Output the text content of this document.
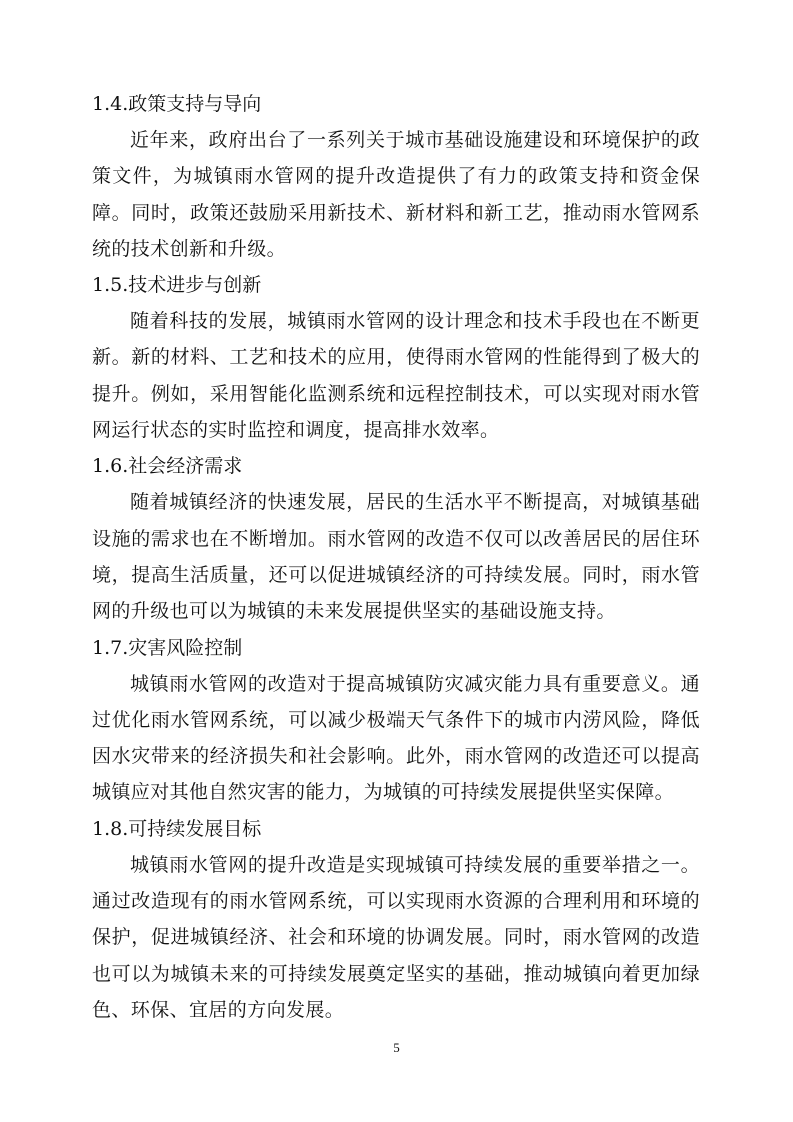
1.4.政策支持与导向

近年来，政府出台了一系列关于城市基础设施建设和环境保护的政策文件，为城镇雨水管网的提升改造提供了有力的政策支持和资金保障。同时，政策还鼓励采用新技术、新材料和新工艺，推动雨水管网系统的技术创新和升级。

1.5.技术进步与创新

随着科技的发展，城镇雨水管网的设计理念和技术手段也在不断更新。新的材料、工艺和技术的应用，使得雨水管网的性能得到了极大的提升。例如，采用智能化监测系统和远程控制技术，可以实现对雨水管网运行状态的实时监控和调度，提高排水效率。

1.6.社会经济需求

随着城镇经济的快速发展，居民的生活水平不断提高，对城镇基础设施的需求也在不断增加。雨水管网的改造不仅可以改善居民的居住环境，提高生活质量，还可以促进城镇经济的可持续发展。同时，雨水管网的升级也可以为城镇的未来发展提供坚实的基础设施支持。

1.7.灾害风险控制

城镇雨水管网的改造对于提高城镇防灾减灾能力具有重要意义。通过优化雨水管网系统，可以减少极端天气条件下的城市内涝风险，降低因水灾带来的经济损失和社会影响。此外，雨水管网的改造还可以提高城镇应对其他自然灾害的能力，为城镇的可持续发展提供坚实保障。

1.8.可持续发展目标

城镇雨水管网的提升改造是实现城镇可持续发展的重要举措之一。通过改造现有的雨水管网系统，可以实现雨水资源的合理利用和环境的保护，促进城镇经济、社会和环境的协调发展。同时，雨水管网的改造也可以为城镇未来的可持续发展奠定坚实的基础，推动城镇向着更加绿色、环保、宜居的方向发展。

5
